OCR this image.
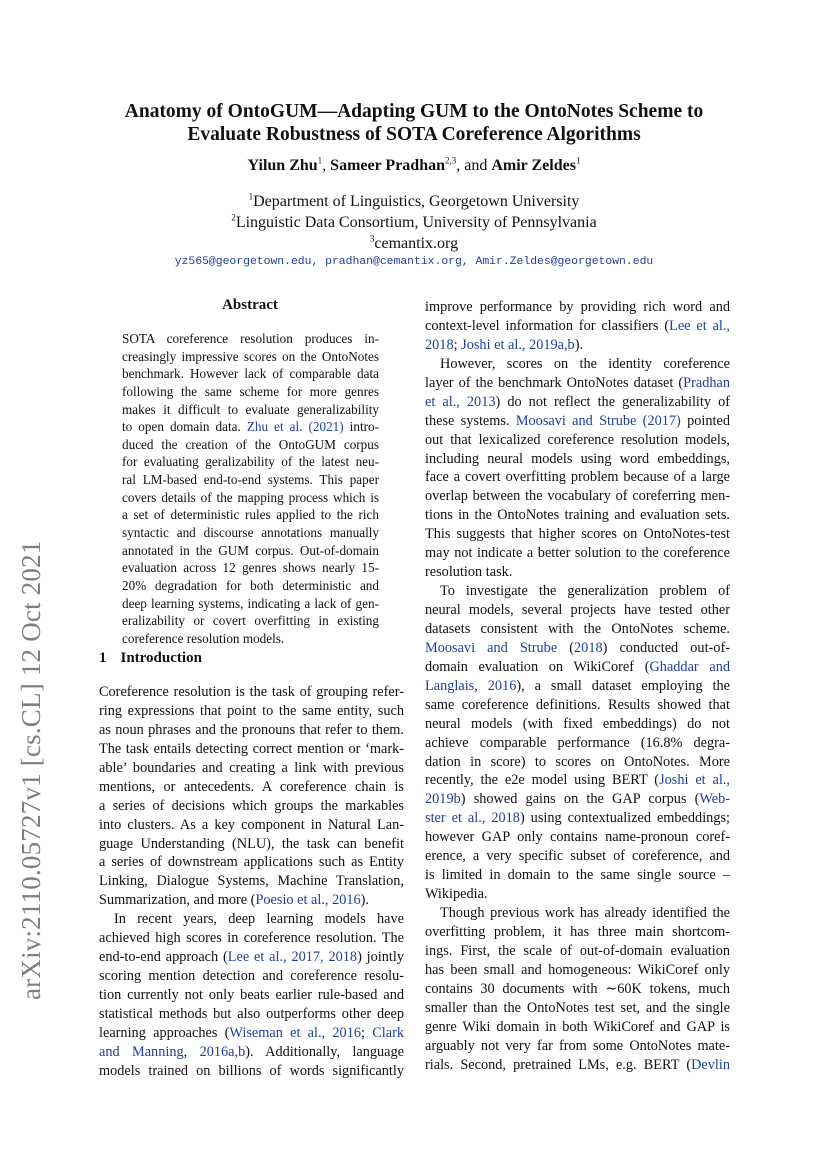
arXiv:2110.05727v1 [cs.CL] 12 Oct 2021
Anatomy of OntoGUM—Adapting GUM to the OntoNotes Scheme to
Evaluate Robustness of SOTA Coreference Algorithms
Yilun Zhu$^1$, Sameer Pradhan$^{2,3}$, and Amir Zeldes$^1$
$^1$Department of Linguistics, Georgetown University
$^2$Linguistic Data Consortium, University of Pennsylvania
$^3$cemantix.org
yz565@georgetown.edu, pradhan@cemantix.org, Amir.Zeldes@georgetown.edu
Abstract
SOTA coreference resolution produces in-
creasingly impressive scores on the OntoNotes
benchmark. However lack of comparable data
following the same scheme for more genres
makes it difficult to evaluate generalizability
to open domain data. Zhu et al. (2021) intro-
duced the creation of the OntoGUM corpus
for evaluating geralizability of the latest neu-
ral LM-based end-to-end systems. This paper
covers details of the mapping process which is
a set of deterministic rules applied to the rich
syntactic and discourse annotations manually
annotated in the GUM corpus. Out-of-domain
evaluation across 12 genres shows nearly 15-
20% degradation for both deterministic and
deep learning systems, indicating a lack of gen-
eralizability or covert overfitting in existing
coreference resolution models.
1 Introduction
Coreference resolution is the task of grouping refer-
ring expressions that point to the same entity, such
as noun phrases and the pronouns that refer to them.
The task entails detecting correct mention or ‘mark-
able’ boundaries and creating a link with previous
mentions, or antecedents. A coreference chain is
a series of decisions which groups the markables
into clusters. As a key component in Natural Lan-
guage Understanding (NLU), the task can benefit
a series of downstream applications such as Entity
Linking, Dialogue Systems, Machine Translation,
Summarization, and more (Poesio et al., 2016).
In recent years, deep learning models have
achieved high scores in coreference resolution. The
end-to-end approach (Lee et al., 2017, 2018) jointly
scoring mention detection and coreference resolu-
tion currently not only beats earlier rule-based and
statistical methods but also outperforms other deep
learning approaches (Wiseman et al., 2016; Clark
and Manning, 2016a,b). Additionally, language
models trained on billions of words significantly
improve performance by providing rich word and
context-level information for classifiers (Lee et al.,
2018; Joshi et al., 2019a,b).
However, scores on the identity coreference
layer of the benchmark OntoNotes dataset (Pradhan
et al., 2013) do not reflect the generalizability of
these systems. Moosavi and Strube (2017) pointed
out that lexicalized coreference resolution models,
including neural models using word embeddings,
face a covert overfitting problem because of a large
overlap between the vocabulary of coreferring men-
tions in the OntoNotes training and evaluation sets.
This suggests that higher scores on OntoNotes-test
may not indicate a better solution to the coreference
resolution task.
To investigate the generalization problem of
neural models, several projects have tested other
datasets consistent with the OntoNotes scheme.
Moosavi and Strube (2018) conducted out-of-
domain evaluation on WikiCoref (Ghaddar and
Langlais, 2016), a small dataset employing the
same coreference definitions. Results showed that
neural models (with fixed embeddings) do not
achieve comparable performance (16.8% degra-
dation in score) to scores on OntoNotes. More
recently, the e2e model using BERT (Joshi et al.,
2019b) showed gains on the GAP corpus (Web-
ster et al., 2018) using contextualized embeddings;
however GAP only contains name-pronoun coref-
erence, a very specific subset of coreference, and
is limited in domain to the same single source –
Wikipedia.
Though previous work has already identified the
overfitting problem, it has three main shortcom-
ings. First, the scale of out-of-domain evaluation
has been small and homogeneous: WikiCoref only
contains 30 documents with ∼60K tokens, much
smaller than the OntoNotes test set, and the single
genre Wiki domain in both WikiCoref and GAP is
arguably not very far from some OntoNotes mate-
rials. Second, pretrained LMs, e.g. BERT (Devlin
